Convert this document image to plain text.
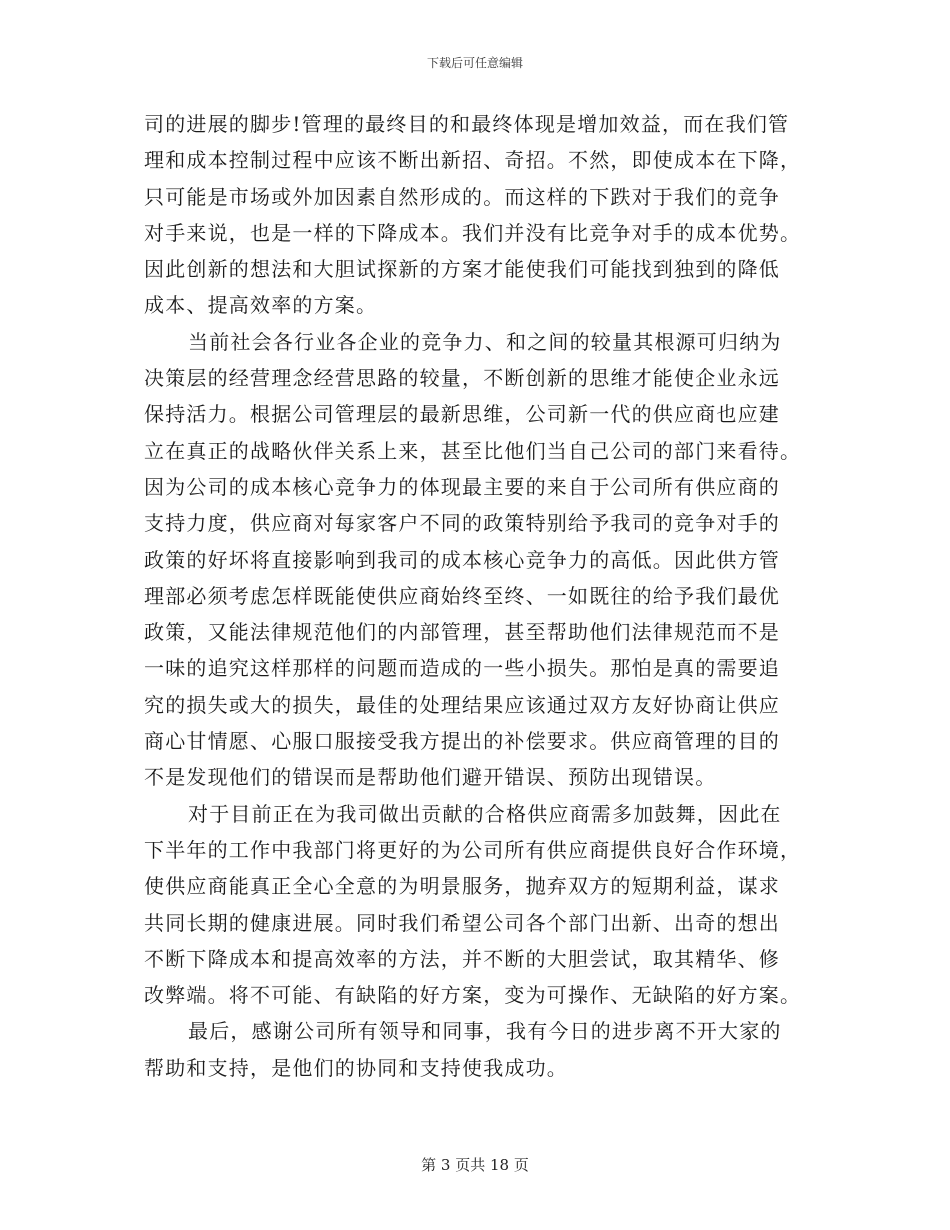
下载后可任意编辑
司的进展的脚步!管理的最终目的和最终体现是增加效益，而在我们管
理和成本控制过程中应该不断出新招、奇招。不然，即使成本在下降，
只可能是市场或外加因素自然形成的。而这样的下跌对于我们的竞争
对手来说，也是一样的下降成本。我们并没有比竞争对手的成本优势。
因此创新的想法和大胆试探新的方案才能使我们可能找到独到的降低
成本、提高效率的方案。
当前社会各行业各企业的竞争力、和之间的较量其根源可归纳为
决策层的经营理念经营思路的较量，不断创新的思维才能使企业永远
保持活力。根据公司管理层的最新思维，公司新一代的供应商也应建
立在真正的战略伙伴关系上来，甚至比他们当自己公司的部门来看待。
因为公司的成本核心竞争力的体现最主要的来自于公司所有供应商的
支持力度，供应商对每家客户不同的政策特别给予我司的竞争对手的
政策的好坏将直接影响到我司的成本核心竞争力的高低。因此供方管
理部必须考虑怎样既能使供应商始终至终、一如既往的给予我们最优
政策，又能法律规范他们的内部管理，甚至帮助他们法律规范而不是
一味的追究这样那样的问题而造成的一些小损失。那怕是真的需要追
究的损失或大的损失，最佳的处理结果应该通过双方友好协商让供应
商心甘情愿、心服口服接受我方提出的补偿要求。供应商管理的目的
不是发现他们的错误而是帮助他们避开错误、预防出现错误。
对于目前正在为我司做出贡献的合格供应商需多加鼓舞，因此在
下半年的工作中我部门将更好的为公司所有供应商提供良好合作环境，
使供应商能真正全心全意的为明景服务，抛弃双方的短期利益，谋求
共同长期的健康进展。同时我们希望公司各个部门出新、出奇的想出
不断下降成本和提高效率的方法，并不断的大胆尝试，取其精华、修
改弊端。将不可能、有缺陷的好方案，变为可操作、无缺陷的好方案。
最后，感谢公司所有领导和同事，我有今日的进步离不开大家的
帮助和支持，是他们的协同和支持使我成功。
第 3 页共 18 页
